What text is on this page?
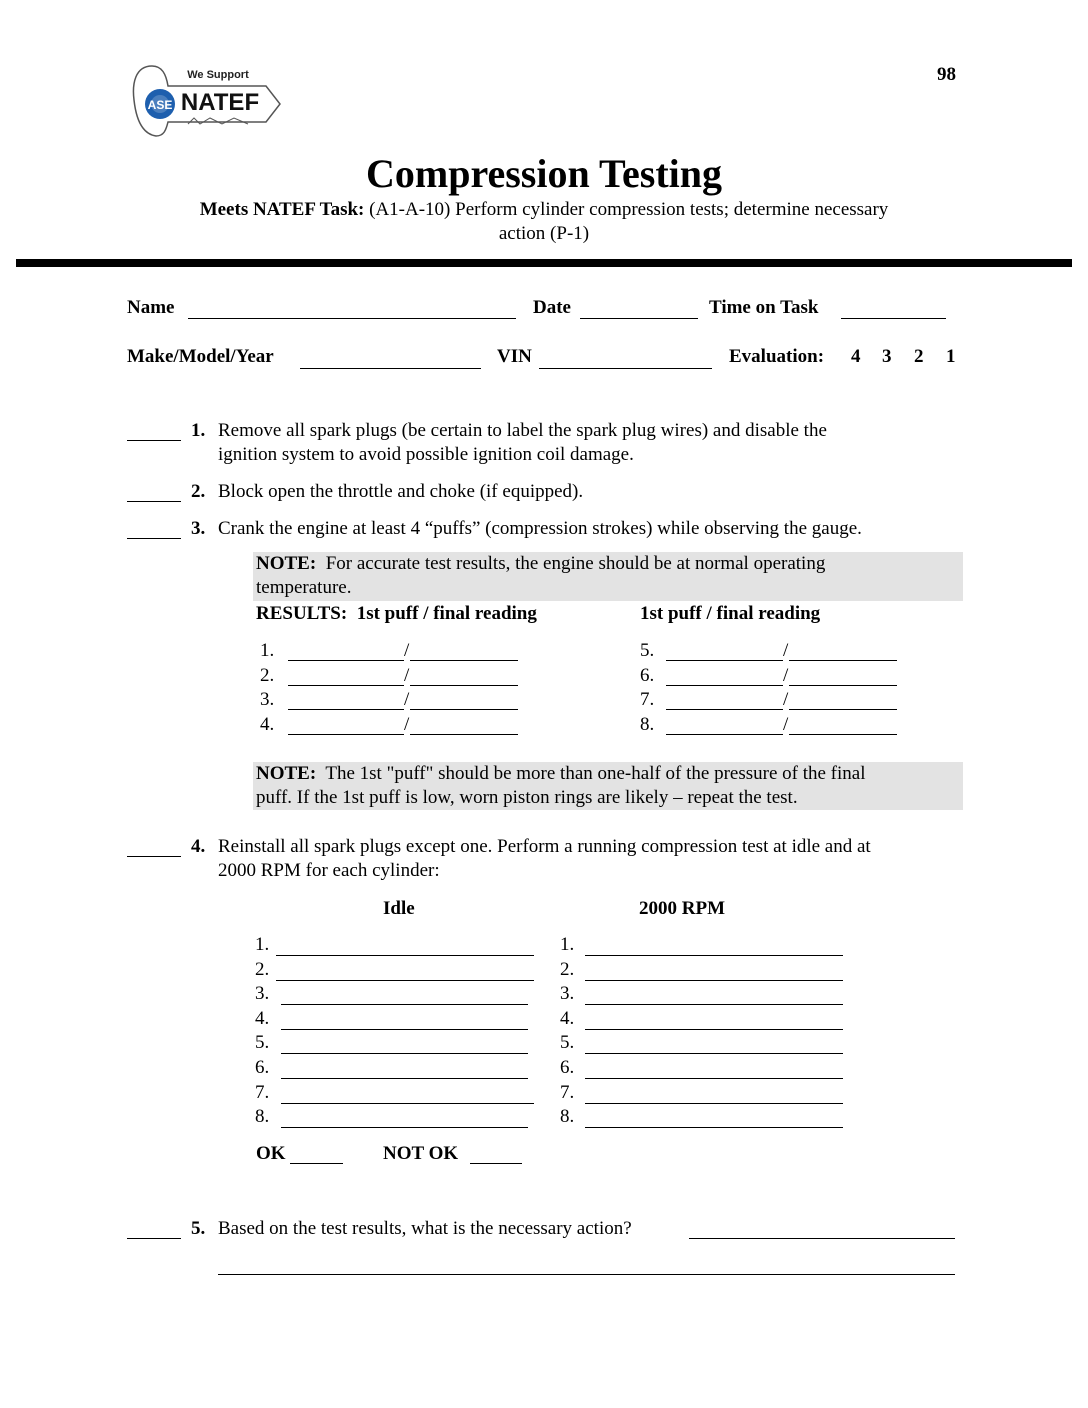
98
ASE
We Support
NATEF
Compression Testing
Meets NATEF Task: (A1-A-10) Perform cylinder compression tests; determine necessary
action (P-1)
Name	Date	Time on Task
Make/Model/Year	VIN	Evaluation: 4 3 2 1
1. Remove all spark plugs (be certain to label the spark plug wires) and disable the
ignition system to avoid possible ignition coil damage.
2. Block open the throttle and choke (if equipped).
3. Crank the engine at least 4 “puffs” (compression strokes) while observing the gauge.
NOTE: For accurate test results, the engine should be at normal operating
temperature.
RESULTS: 1st puff / final reading	1st puff / final reading
1.	/
2.	/
3.	/
4.	/
5.	/
6.	/
7.	/
8.	/
NOTE: The 1st "puff" should be more than one-half of the pressure of the final
puff. If the 1st puff is low, worn piston rings are likely – repeat the test.
4. Reinstall all spark plugs except one. Perform a running compression test at idle and at
2000 RPM for each cylinder:
Idle	2000 RPM
1.	1.
2.	2.
3.	3.
4.	4.
5.	5.
6.	6.
7.	7.
8.	8.
OK	NOT OK
5. Based on the test results, what is the necessary action?
